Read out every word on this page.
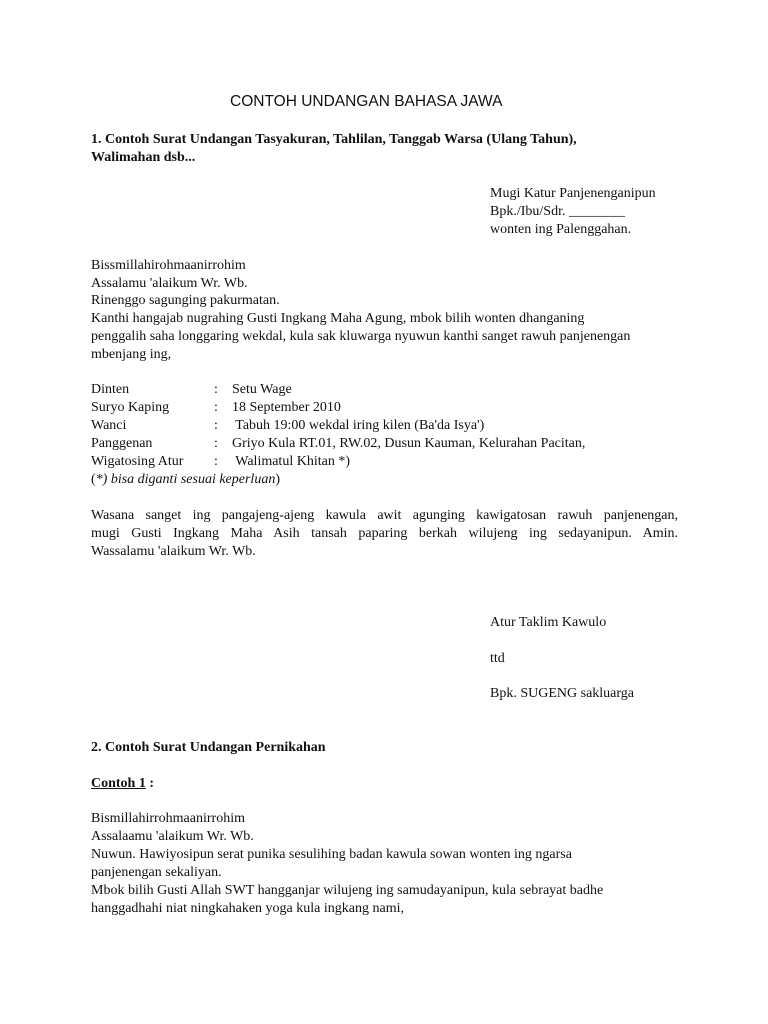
CONTOH UNDANGAN BAHASA JAWA
1. Contoh Surat Undangan Tasyakuran, Tahlilan, Tanggab Warsa (Ulang Tahun),
Walimahan dsb...
Mugi Katur Panjenenganipun
Bpk./Ibu/Sdr. ________
wonten ing Palenggahan.
Bissmillahirohmaanirrohim
Assalamu 'alaikum Wr. Wb.
Rinenggo sagunging pakurmatan.
Kanthi hangajab nugrahing Gusti Ingkang Maha Agung, mbok bilih wonten dhanganing
penggalih saha longgaring wekdal, kula sak kluwarga nyuwun kanthi sanget rawuh panjenengan
mbenjang ing,
Dinten	: Setu Wage
Suryo Kaping	: 18 September 2010
Wanci	: Tabuh 19:00 wekdal iring kilen (Ba'da Isya')
Panggenan	: Griyo Kula RT.01, RW.02, Dusun Kauman, Kelurahan Pacitan,
Wigatosing Atur : Walimatul Khitan *)
(*) bisa diganti sesuai keperluan)
Wasana sanget ing pangajeng-ajeng kawula awit agunging kawigatosan rawuh panjenengan,
mugi Gusti Ingkang Maha Asih tansah paparing berkah wilujeng ing sedayanipun. Amin.
Wassalamu 'alaikum Wr. Wb.
Atur Taklim Kawulo
ttd
Bpk. SUGENG sakluarga
2. Contoh Surat Undangan Pernikahan
Contoh 1 :
Bismillahirrohmaanirrohim
Assalaamu 'alaikum Wr. Wb.
Nuwun. Hawiyosipun serat punika sesulihing badan kawula sowan wonten ing ngarsa
panjenengan sekaliyan.
Mbok bilih Gusti Allah SWT hangganjar wilujeng ing samudayanipun, kula sebrayat badhe
hanggadhahi niat ningkahaken yoga kula ingkang nami,
